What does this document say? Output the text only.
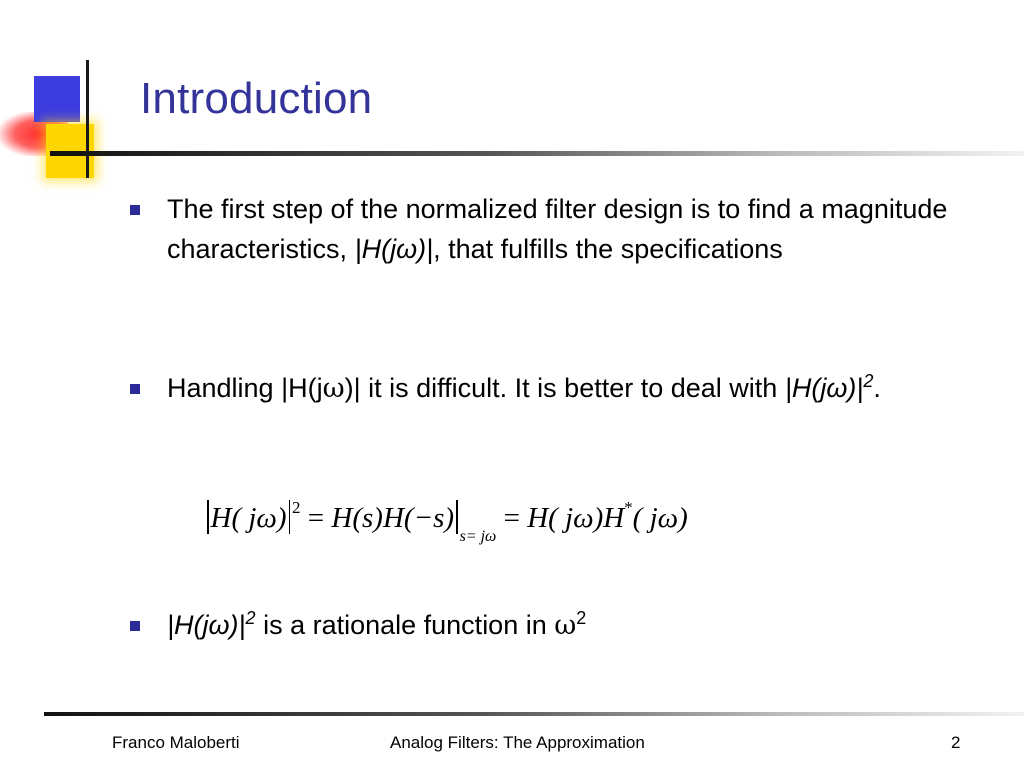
Introduction
The first step of the normalized filter design is to find a magnitude characteristics, |H(jω)|, that fulfills the specifications
Handling |H(jω)| it is difficult. It is better to deal with $|H(j\omega)|^2$.
H( jω) $^2 = H(s)H(-s)_{s= j\omega} = H$( jω)H*( jω)
$|H(j\omega)|^2$ is a rationale function in $\omega^2$
Franco Maloberti	Analog Filters: The Approximation	2
